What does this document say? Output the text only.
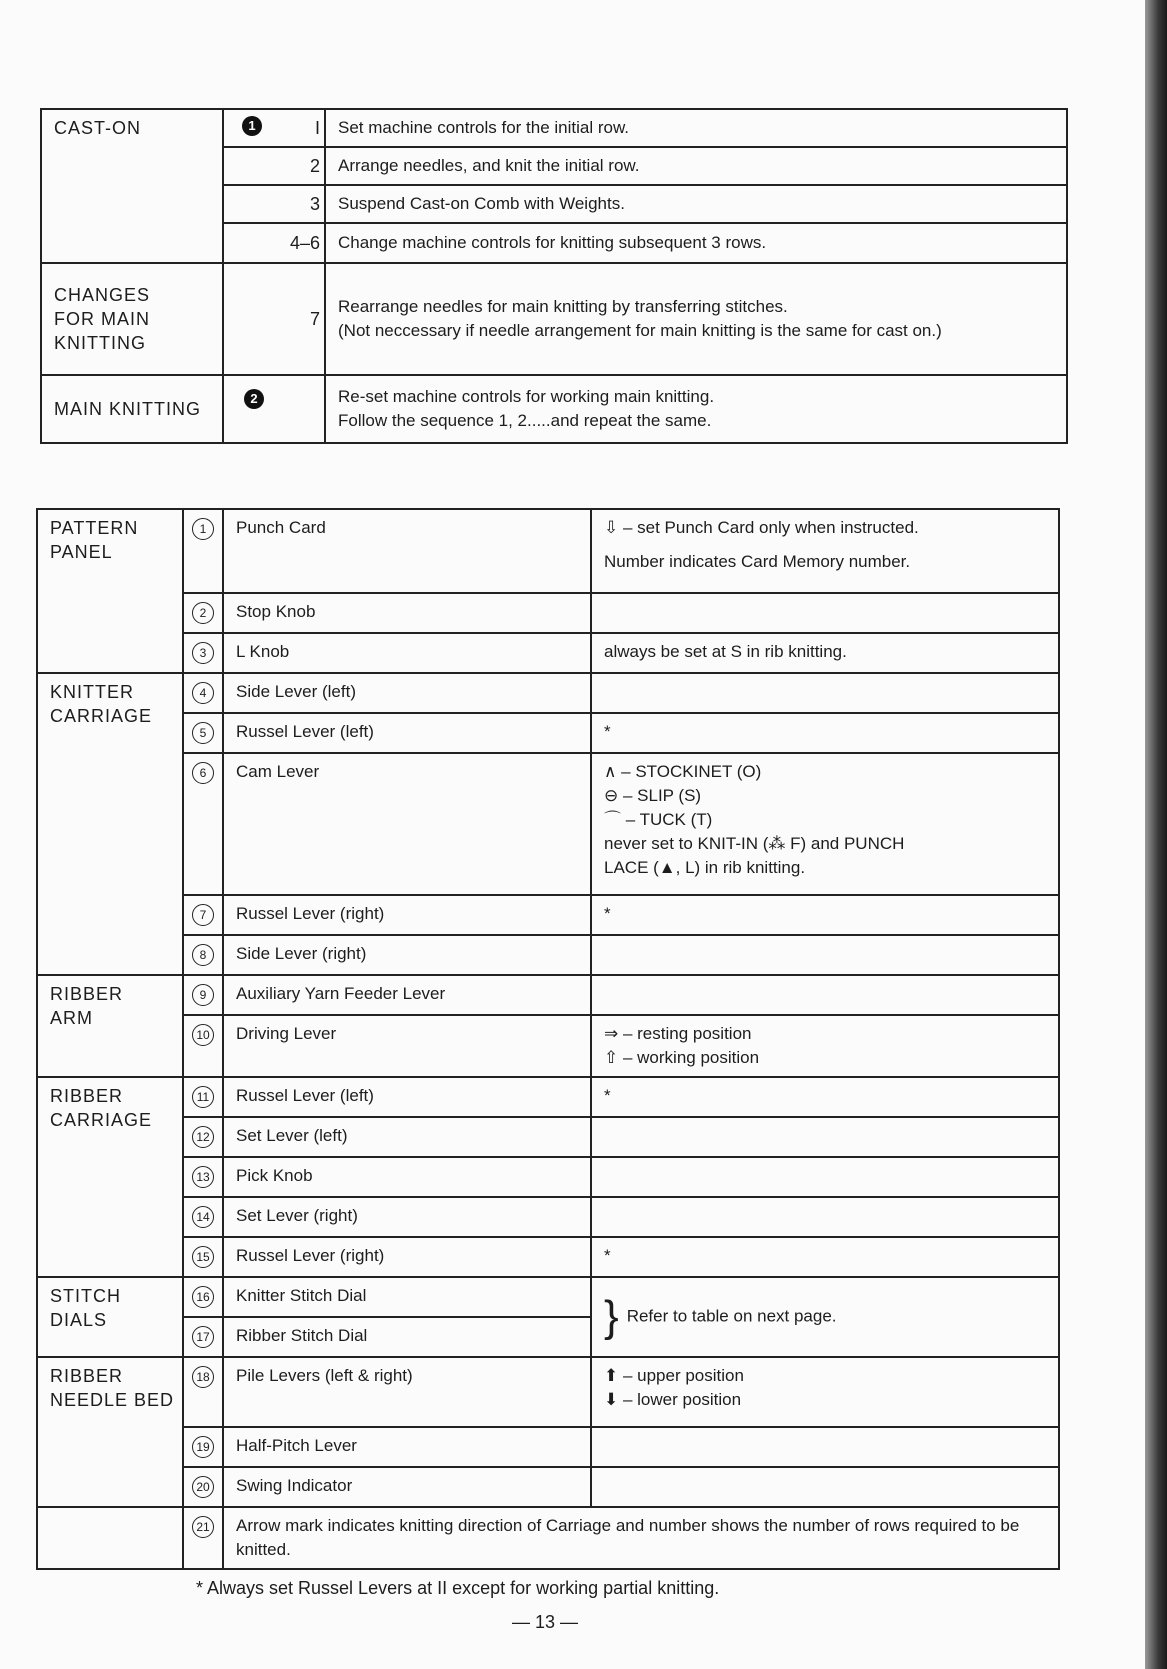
CAST-ON	1 I	Set machine controls for the initial row.
	2	Arrange needles, and knit the initial row.
	3	Suspend Cast-on Comb with Weights.
	4–6	Change machine controls for knitting subsequent 3 rows.

CHANGES FOR MAIN KNITTING	7	Rearrange needles for main knitting by transferring stitches.
(Not neccessary if needle arrangement for main knitting is the same for cast on.)

MAIN KNITTING	2	Re-set machine controls for working main knitting.
Follow the sequence 1, 2.....and repeat the same.
PATTERN PANEL	1	Punch Card	⇩ – set Punch Card only when instructed.
Number indicates Card Memory number.

	2	Stop Knob	
	3	L Knob	always be set at S in rib knitting.

KNITTER CARRIAGE	4	Side Lever (left)	
	5	Russel Lever (left)	*
	6	Cam Lever	∧ – STOCKINET (O)
⊖ – SLIP (S)
⌒ – TUCK (T)
never set to KNIT-IN (⁂ F) and PUNCH
LACE (▲, L) in rib knitting.

	7	Russel Lever (right)	*
	8	Side Lever (right)	

RIBBER ARM	9	Auxiliary Yarn Feeder Lever	
	10	Driving Lever	⇒ – resting position
⇧ – working position

RIBBER CARRIAGE	11	Russel Lever (left)	*
	12	Set Lever (left)	
	13	Pick Knob	
	14	Set Lever (right)	
	15	Russel Lever (right)	*

STITCH DIALS	16	Knitter Stitch Dial	} Refer to table on next page.
	17	Ribber Stitch Dial	

RIBBER NEEDLE BED	18	Pile Levers (left & right)	⬆ – upper position
⬇ – lower position

	19	Half-Pitch Lever	
	20	Swing Indicator	
	21	Arrow mark indicates knitting direction of Carriage and number shows the number of rows required to be knitted.	
* Always set Russel Levers at II except for working partial knitting.
— 13 —
